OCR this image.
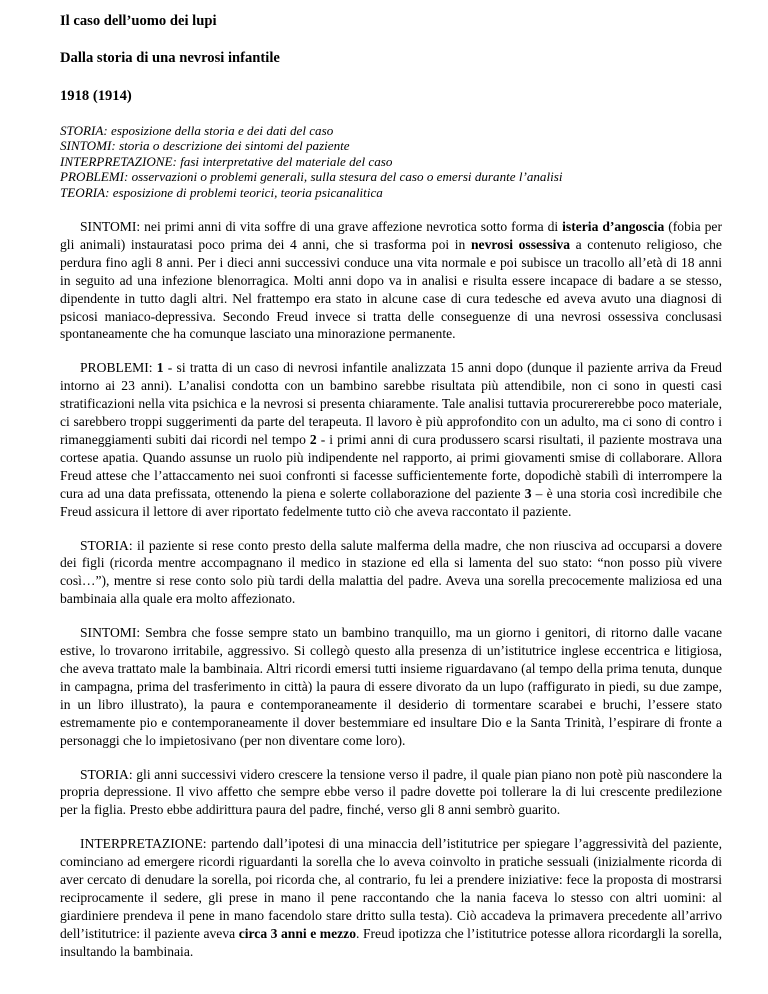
Il caso dell’uomo dei lupi

Dalla storia di una nevrosi infantile

1918 (1914)

STORIA: esposizione della storia e dei dati del caso
SINTOMI: storia o descrizione dei sintomi del paziente
INTERPRETAZIONE: fasi interpretative del materiale del caso
PROBLEMI: osservazioni o problemi generali, sulla stesura del caso o emersi durante l’analisi
TEORIA: esposizione di problemi teorici, teoria psicanalitica

SINTOMI: nei primi anni di vita soffre di una grave affezione nevrotica sotto forma di isteria d’angoscia (fobia per gli animali) instauratasi poco prima dei 4 anni, che si trasforma poi in nevrosi ossessiva a contenuto religioso, che perdura fino agli 8 anni. Per i dieci anni successivi conduce una vita normale e poi subisce un tracollo all’età di 18 anni in seguito ad una infezione blenorragica. Molti anni dopo va in analisi e risulta essere incapace di badare a se stesso, dipendente in tutto dagli altri. Nel frattempo era stato in alcune case di cura tedesche ed aveva avuto una diagnosi di psicosi maniaco-depressiva. Secondo Freud invece si tratta delle conseguenze di una nevrosi ossessiva conclusasi spontaneamente che ha comunque lasciato una minorazione permanente.

PROBLEMI: 1 - si tratta di un caso di nevrosi infantile analizzata 15 anni dopo (dunque il paziente arriva da Freud intorno ai 23 anni). L’analisi condotta con un bambino sarebbe risultata più attendibile, non ci sono in questi casi stratificazioni nella vita psichica e la nevrosi si presenta chiaramente. Tale analisi tuttavia procurererebbe poco materiale, ci sarebbero troppi suggerimenti da parte del terapeuta. Il lavoro è più approfondito con un adulto, ma ci sono di contro i rimaneggiamenti subiti dai ricordi nel tempo 2 - i primi anni di cura produssero scarsi risultati, il paziente mostrava una cortese apatia. Quando assunse un ruolo più indipendente nel rapporto, ai primi giovamenti smise di collaborare. Allora Freud attese che l’attaccamento nei suoi confronti si facesse sufficientemente forte, dopodichè stabilì di interrompere la cura ad una data prefissata, ottenendo la piena e solerte collaborazione del paziente 3 – è una storia così incredibile che Freud assicura il lettore di aver riportato fedelmente tutto ciò che aveva raccontato il paziente.

STORIA: il paziente si rese conto presto della salute malferma della madre, che non riusciva ad occuparsi a dovere dei figli (ricorda mentre accompagnano il medico in stazione ed ella si lamenta del suo stato: “non posso più vivere così…”), mentre si rese conto solo più tardi della malattia del padre. Aveva una sorella precocemente maliziosa ed una bambinaia alla quale era molto affezionato.

SINTOMI: Sembra che fosse sempre stato un bambino tranquillo, ma un giorno i genitori, di ritorno dalle vacane estive, lo trovarono irritabile, aggressivo. Si collegò questo alla presenza di un’istitutrice inglese eccentrica e litigiosa, che aveva trattato male la bambinaia. Altri ricordi emersi tutti insieme riguardavano (al tempo della prima tenuta, dunque in campagna, prima del trasferimento in città) la paura di essere divorato da un lupo (raffigurato in piedi, su due zampe, in un libro illustrato), la paura e contemporaneamente il desiderio di tormentare scarabei e bruchi, l’essere stato estremamente pio e contemporaneamente il dover bestemmiare ed insultare Dio e la Santa Trinità, l’espirare di fronte a personaggi che lo impietosivano (per non diventare come loro).

STORIA: gli anni successivi videro crescere la tensione verso il padre, il quale pian piano non potè più nascondere la propria depressione. Il vivo affetto che sempre ebbe verso il padre dovette poi tollerare la di lui crescente predilezione per la figlia. Presto ebbe addirittura paura del padre, finché, verso gli 8 anni sembrò guarito.

INTERPRETAZIONE: partendo dall’ipotesi di una minaccia dell’istitutrice per spiegare l’aggressività del paziente, cominciano ad emergere ricordi riguardanti la sorella che lo aveva coinvolto in pratiche sessuali (inizialmente ricorda di aver cercato di denudare la sorella, poi ricorda che, al contrario, fu lei a prendere iniziative: fece la proposta di mostrarsi reciprocamente il sedere, gli prese in mano il pene raccontando che la nania faceva lo stesso con altri uomini: al giardiniere prendeva il pene in mano facendolo stare dritto sulla testa). Ciò accadeva la primavera precedente all’arrivo dell’istitutrice: il paziente aveva circa 3 anni e mezzo. Freud ipotizza che l’istitutrice potesse allora ricordargli la sorella, insultando la bambinaia.
